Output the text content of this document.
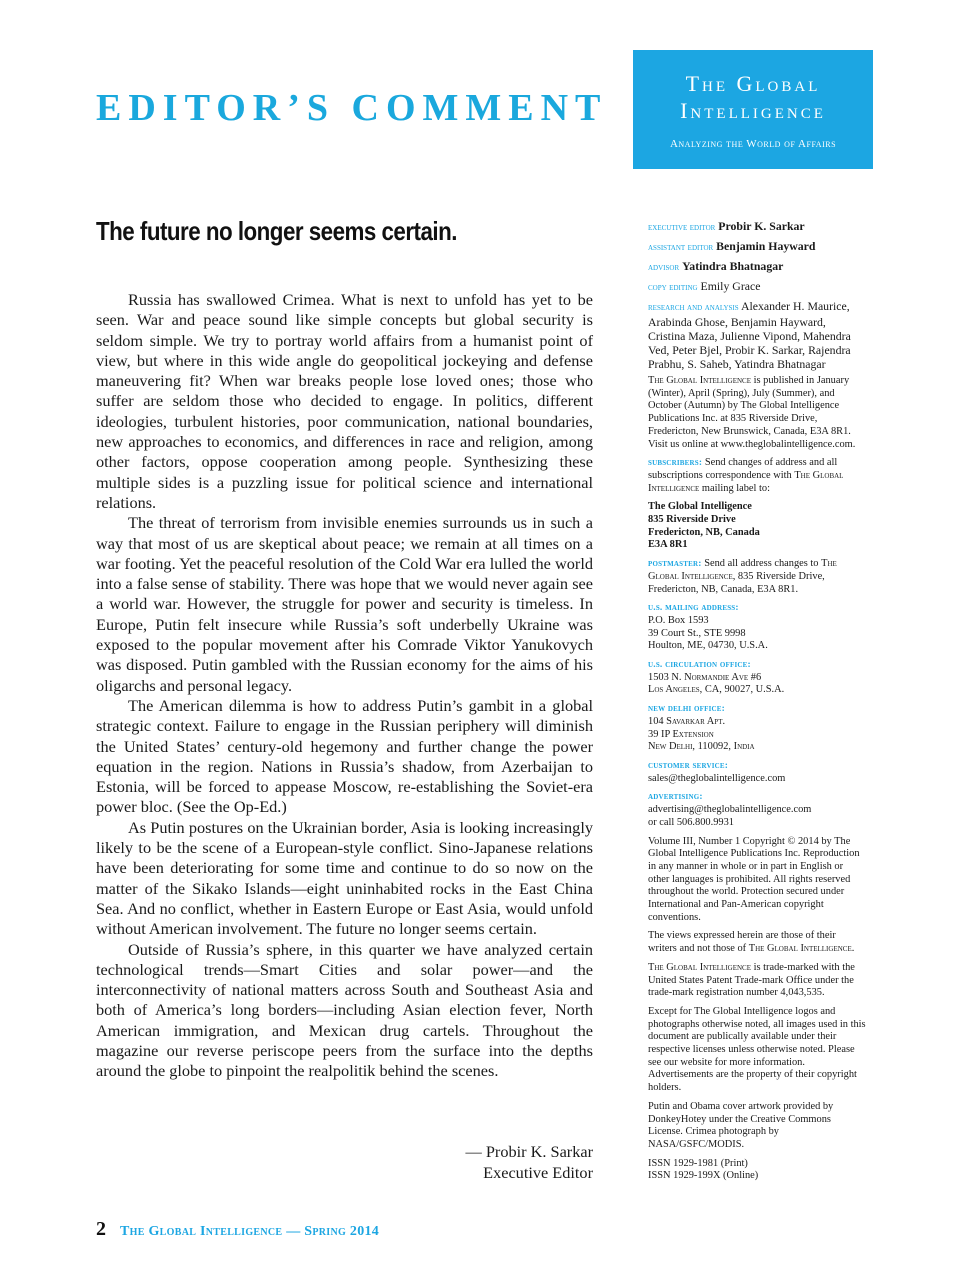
EDITOR’S COMMENT
The Global
Intelligence
Analyzing the World of Affairs
The future no longer seems certain.

Russia has swallowed Crimea. What is next to unfold has yet to be seen. War and peace sound like simple concepts but global security is seldom simple. We try to portray world affairs from a humanist point of view, but where in this wide angle do geopolitical jockeying and defense maneuvering fit? When war breaks people lose loved ones; those who suffer are seldom those who decided to engage. In politics, different ideologies, turbulent histories, poor communication, national boundaries, new approaches to economics, and differences in race and religion, among other factors, oppose cooperation among people. Synthesizing these multiple sides is a puzzling issue for political science and international relations.

The threat of terrorism from invisible enemies surrounds us in such a way that most of us are skeptical about peace; we remain at all times on a war footing. Yet the peaceful resolution of the Cold War era lulled the world into a false sense of stability. There was hope that we would never again see a world war. However, the struggle for power and security is timeless. In Europe, Putin felt insecure while Russia’s soft underbelly Ukraine was exposed to the popular movement after his Comrade Viktor Yanukovych was disposed. Putin gambled with the Russian economy for the aims of his oligarchs and personal legacy.

The American dilemma is how to address Putin’s gambit in a global strategic context. Failure to engage in the Russian periphery will diminish the United States’ century-old hegemony and further change the power equation in the region. Nations in Russia’s shadow, from Azerbaijan to Estonia, will be forced to appease Moscow, re-establishing the Soviet-era power bloc. (See the Op-Ed.)

As Putin postures on the Ukrainian border, Asia is looking increasingly likely to be the scene of a European-style conflict. Sino-Japanese relations have been deteriorating for some time and continue to do so now on the matter of the Sikako Islands—eight uninhabited rocks in the East China Sea. And no conflict, whether in Eastern Europe or East Asia, would unfold without American involvement. The future no longer seems certain.

Outside of Russia’s sphere, in this quarter we have analyzed certain technological trends—Smart Cities and solar power—and the interconnectivity of national matters across South and Southeast Asia and both of America’s long borders—including Asian election fever, North American immigration, and Mexican drug cartels. Throughout the magazine our reverse periscope peers from the surface into the depths around the globe to pinpoint the realpolitik behind the scenes.

— Probir K. Sarkar
Executive Editor
executive editor Probir K. Sarkar
assistant editor Benjamin Hayward
advisor Yatindra Bhatnagar
copy editing Emily Grace
research and analysis Alexander H. Maurice, Arabinda Ghose, Benjamin Hayward, Cristina Maza, Julienne Vipond, Mahendra Ved, Peter Bjel, Probir K. Sarkar, Rajendra Prabhu, S. Saheb, Yatindra Bhatnagar
The Global Intelligence is published in January (Winter), April (Spring), July (Summer), and October (Autumn) by The Global Intelligence Publications Inc. at 835 Riverside Drive, Fredericton, New Brunswick, Canada, E3A 8R1. Visit us online at www.theglobalintelligence.com.
subscribers: Send changes of address and all subscriptions correspondence with The Global Intelligence mailing label to:
The Global Intelligence
835 Riverside Drive
Fredericton, NB, Canada
E3A 8R1
postmaster: Send all address changes to The Global Intelligence, 835 Riverside Drive, Fredericton, NB, Canada, E3A 8R1.
u.s. mailing address:
P.O. Box 1593
39 Court St., STE 9998
Houlton, ME, 04730, U.S.A.
u.s. circulation office:
1503 N. Normandie Ave #6
Los Angeles, CA, 90027, U.S.A.
new delhi office:
104 Savarkar Apt.
39 IP Extension
New Delhi, 110092, India
customer service:
sales@theglobalintelligence.com
advertising:
advertising@theglobalintelligence.com
or call 506.800.9931
Volume III, Number 1 Copyright © 2014 by The Global Intelligence Publications Inc. Reproduction in any manner in whole or in part in English or other languages is prohibited. All rights reserved throughout the world. Protection secured under International and Pan-American copyright conventions.
The views expressed herein are those of their writers and not those of The Global Intelligence.
The Global Intelligence is trade-marked with the United States Patent Trade-mark Office under the trade-mark registration number 4,043,535.
Except for The Global Intelligence logos and photographs otherwise noted, all images used in this document are publically available under their respective licenses unless otherwise noted. Please see our website for more information. Advertisements are the property of their copyright holders.
Putin and Obama cover artwork provided by DonkeyHotey under the Creative Commons License. Crimea photograph by NASA/GSFC/MODIS.
ISSN 1929-1981 (Print)
ISSN 1929-199X (Online)
2 The Global Intelligence — Spring 2014
